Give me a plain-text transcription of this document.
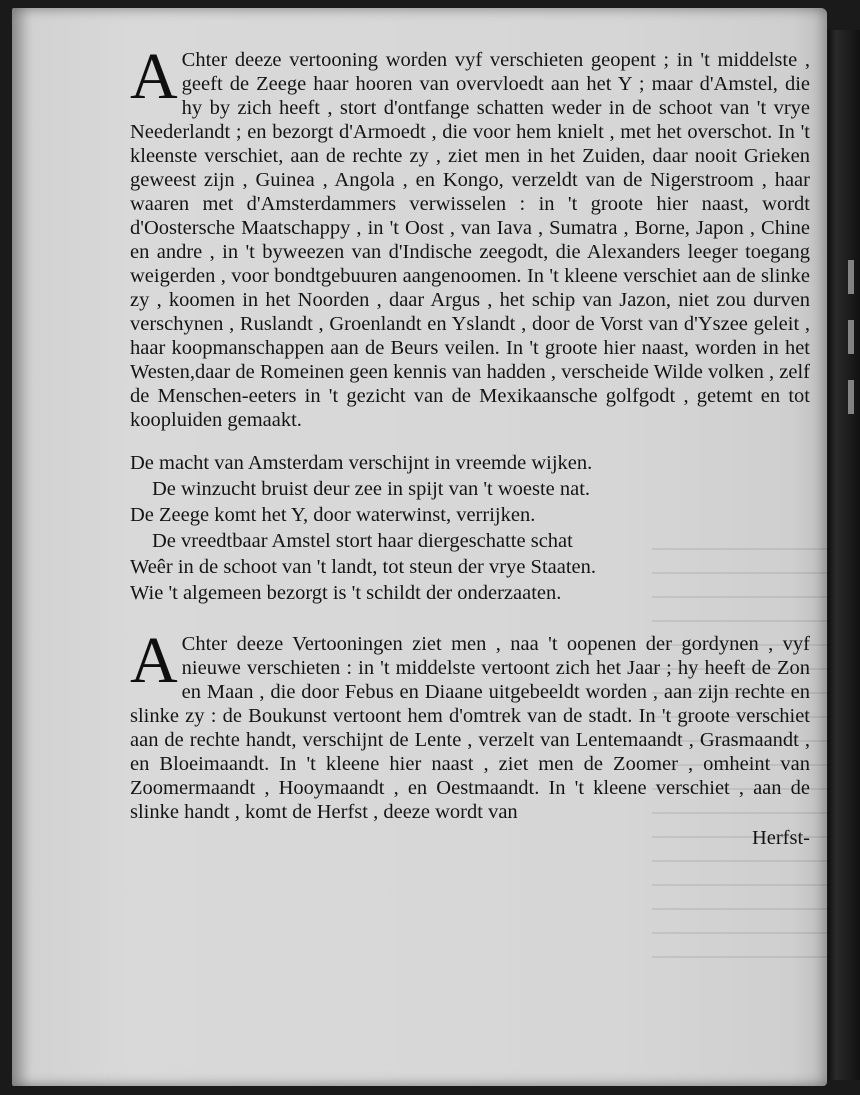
A Chter deeze vertooning worden vyf verschieten geopent ; in 't middelste , geeft de Zeege haar hooren van overvloedt aan het Y ; maar d'Amstel, die hy by zich heeft , stort d'ontfange schatten weder in de schoot van 't vrye Neederlandt ; en bezorgt d'Armoedt , die voor hem knielt , met het overschot. In 't kleenste verschiet, aan de rechte zy , ziet men in het Zuiden, daar nooit Grieken geweest zijn , Guinea , Angola , en Kongo, verzeldt van de Nigerstroom , haar waaren met d'Amsterdammers verwisselen : in 't groote hier naast, wordt d'Oostersche Maatschappy , in 't Oost , van Iava , Sumatra , Borne, Japon , Chine en andre , in 't byweezen van d'Indische zeegodt, die Alexanders leeger toegang weigerden , voor bondtgebuuren aangenoomen. In 't kleene verschiet aan de slinke zy , koomen in het Noorden , daar Argus , het schip van Jazon, niet zou durven verschynen , Ruslandt , Groenlandt en Yslandt , door de Vorst van d'Yszee geleit , haar koopmanschappen aan de Beurs veilen. In 't groote hier naast, worden in het Westen,daar de Romeinen geen kennis van hadden , verscheide Wilde volken , zelf de Menschen-eeters in 't gezicht van de Mexikaansche golfgodt , getemt en tot koopluiden gemaakt.

De macht van Amsterdam verschijnt in vreemde wijken.
De winzucht bruist deur zee in spijt van 't woeste nat.
De Zeege komt het Y, door waterwinst, verrijken.
De vreedtbaar Amstel stort haar diergeschatte schat
Weêr in de schoot van 't landt, tot steun der vrye Staaten.
Wie 't algemeen bezorgt is 't schildt der onderzaaten.

A Chter deeze Vertooningen ziet men , naa 't oopenen der gordynen , vyf nieuwe verschieten : in 't middelste vertoont zich het Jaar ; hy heeft de Zon en Maan , die door Febus en Diaane uitgebeeldt worden , aan zijn rechte en slinke zy : de Boukunst vertoont hem d'omtrek van de stadt. In 't groote verschiet aan de rechte handt, verschijnt de Lente , verzelt van Lentemaandt , Grasmaandt , en Bloeimaandt. In 't kleene hier naast , ziet men de Zoomer , omheint van Zoomermaandt , Hooymaandt , en Oestmaandt. In 't kleene verschiet , aan de slinke handt , komt de Herfst , deeze wordt van

Herfst-
